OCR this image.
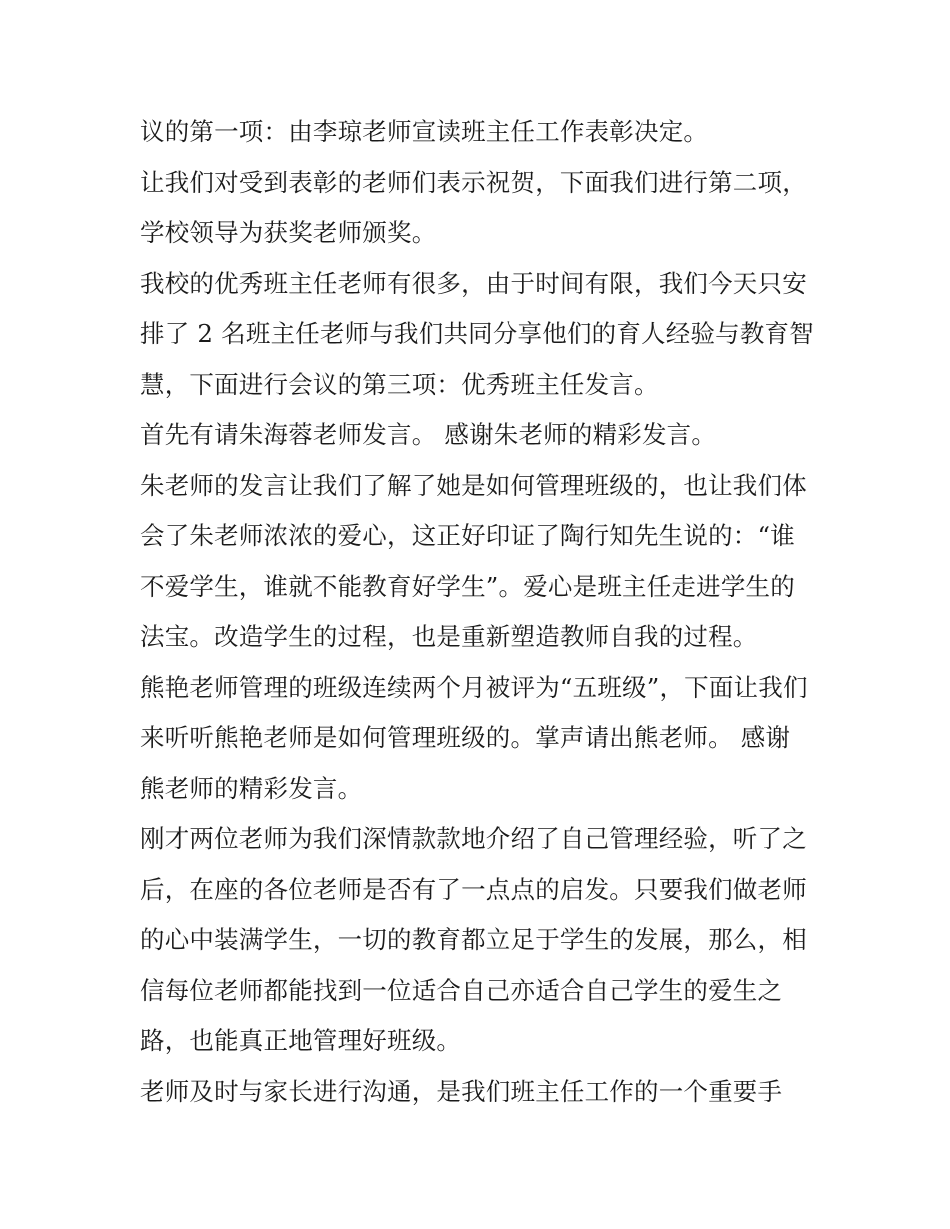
议的第一项：由李琼老师宣读班主任工作表彰决定。
让我们对受到表彰的老师们表示祝贺，下面我们进行第二项，
学校领导为获奖老师颁奖。
我校的优秀班主任老师有很多，由于时间有限，我们今天只安
排了 2 名班主任老师与我们共同分享他们的育人经验与教育智
慧，下面进行会议的第三项：优秀班主任发言。
首先有请朱海蓉老师发言。 感谢朱老师的精彩发言。
朱老师的发言让我们了解了她是如何管理班级的，也让我们体
会了朱老师浓浓的爱心，这正好印证了陶行知先生说的：“谁
不爱学生，谁就不能教育好学生”。爱心是班主任走进学生的
法宝。改造学生的过程，也是重新塑造教师自我的过程。
熊艳老师管理的班级连续两个月被评为“五班级”，下面让我们
来听听熊艳老师是如何管理班级的。掌声请出熊老师。 感谢
熊老师的精彩发言。
刚才两位老师为我们深情款款地介绍了自己管理经验，听了之
后，在座的各位老师是否有了一点点的启发。只要我们做老师
的心中装满学生，一切的教育都立足于学生的发展，那么，相
信每位老师都能找到一位适合自己亦适合自己学生的爱生之
路，也能真正地管理好班级。
老师及时与家长进行沟通，是我们班主任工作的一个重要手
